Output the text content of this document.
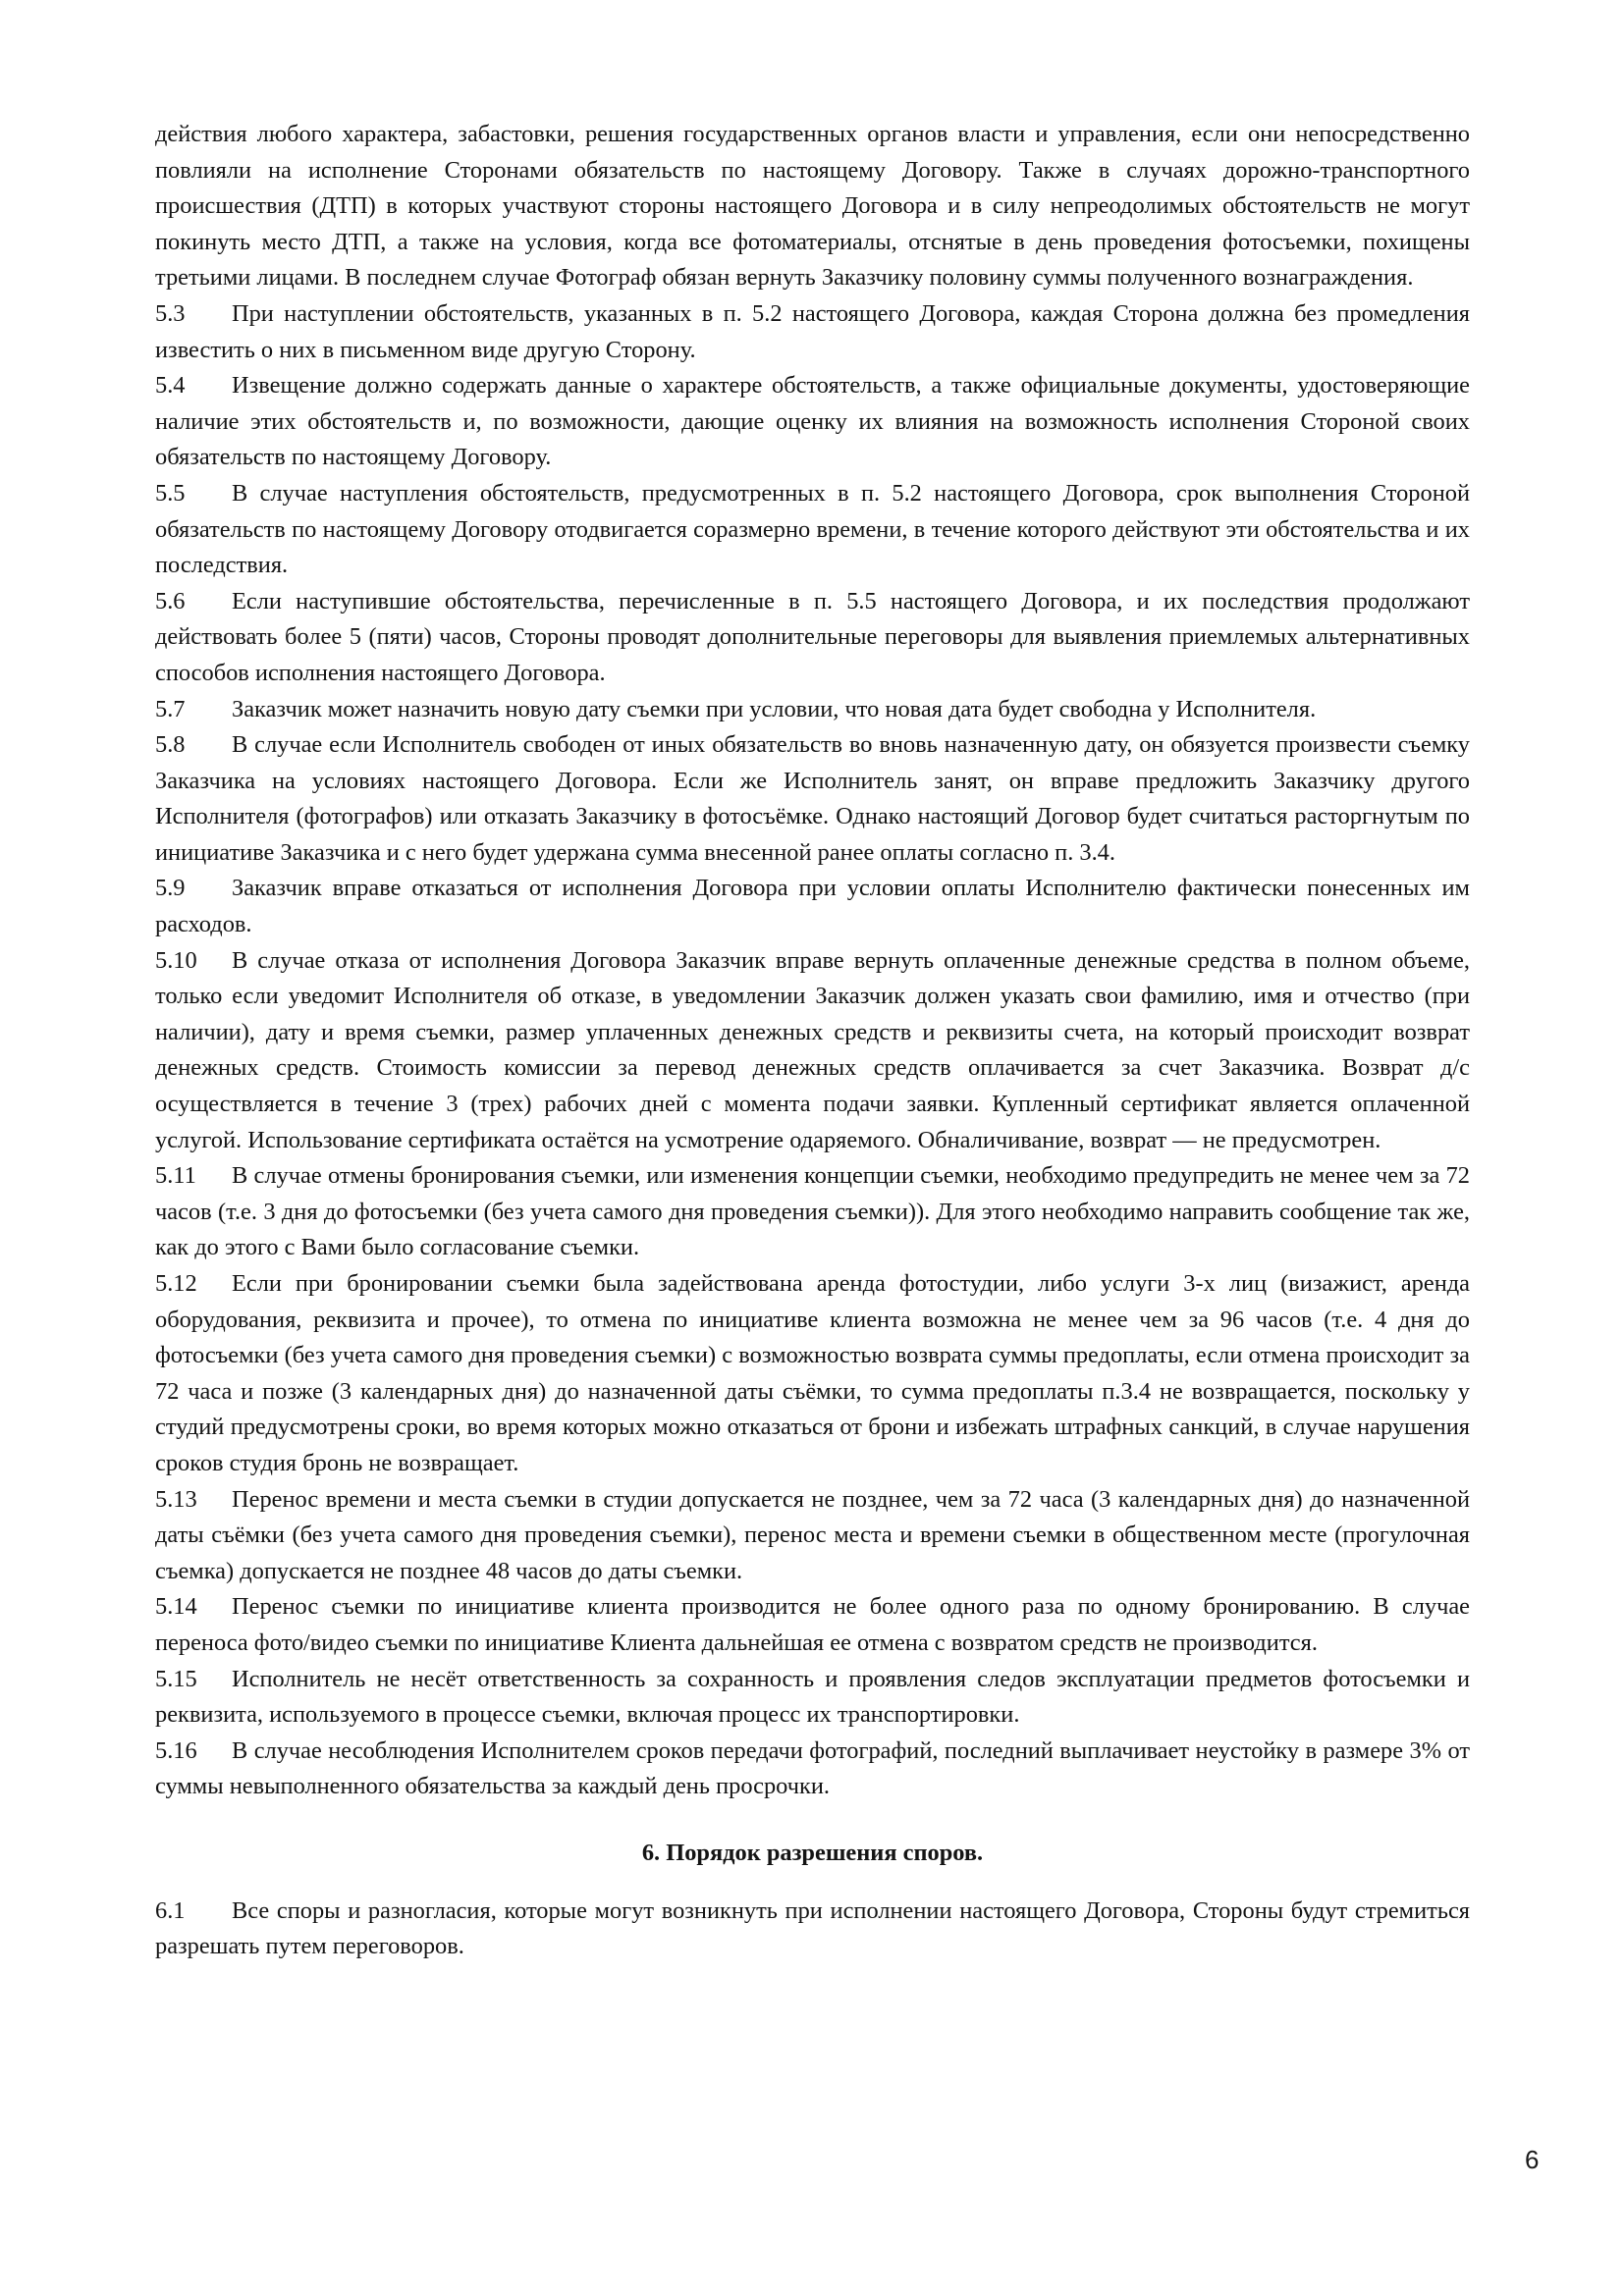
действия любого характера, забастовки, решения государственных органов власти и управления, если они непосредственно повлияли на исполнение Сторонами обязательств по настоящему Договору. Также в случаях дорожно-транспортного происшествия (ДТП) в которых участвуют стороны настоящего Договора и в силу непреодолимых обстоятельств не могут покинуть место ДТП, а также на условия, когда все фотоматериалы, отснятые в день проведения фотосъемки, похищены третьими лицами. В последнем случае Фотограф обязан вернуть Заказчику половину суммы полученного вознаграждения.

5.3 При наступлении обстоятельств, указанных в п. 5.2 настоящего Договора, каждая Сторона должна без промедления известить о них в письменном виде другую Сторону.

5.4 Извещение должно содержать данные о характере обстоятельств, а также официальные документы, удостоверяющие наличие этих обстоятельств и, по возможности, дающие оценку их влияния на возможность исполнения Стороной своих обязательств по настоящему Договору.

5.5 В случае наступления обстоятельств, предусмотренных в п. 5.2 настоящего Договора, срок выполнения Стороной обязательств по настоящему Договору отодвигается соразмерно времени, в течение которого действуют эти обстоятельства и их последствия.

5.6 Если наступившие обстоятельства, перечисленные в п. 5.5 настоящего Договора, и их последствия продолжают действовать более 5 (пяти) часов, Стороны проводят дополнительные переговоры для выявления приемлемых альтернативных способов исполнения настоящего Договора.

5.7 Заказчик может назначить новую дату съемки при условии, что новая дата будет свободна у Исполнителя.

5.8 В случае если Исполнитель свободен от иных обязательств во вновь назначенную дату, он обязуется произвести съемку Заказчика на условиях настоящего Договора. Если же Исполнитель занят, он вправе предложить Заказчику другого Исполнителя (фотографов) или отказать Заказчику в фотосъёмке. Однако настоящий Договор будет считаться расторгнутым по инициативе Заказчика и с него будет удержана сумма внесенной ранее оплаты согласно п. 3.4.

5.9 Заказчик вправе отказаться от исполнения Договора при условии оплаты Исполнителю фактически понесенных им расходов.

5.10 В случае отказа от исполнения Договора Заказчик вправе вернуть оплаченные денежные средства в полном объеме, только если уведомит Исполнителя об отказе, в уведомлении Заказчик должен указать свои фамилию, имя и отчество (при наличии), дату и время съемки, размер уплаченных денежных средств и реквизиты счета, на который происходит возврат денежных средств. Стоимость комиссии за перевод денежных средств оплачивается за счет Заказчика. Возврат д/с осуществляется в течение 3 (трех) рабочих дней с момента подачи заявки. Купленный сертификат является оплаченной услугой. Использование сертификата остаётся на усмотрение одаряемого. Обналичивание, возврат — не предусмотрен.

5.11 В случае отмены бронирования съемки, или изменения концепции съемки, необходимо предупредить не менее чем за 72 часов (т.е. 3 дня до фотосъемки (без учета самого дня проведения съемки)). Для этого необходимо направить сообщение так же, как до этого с Вами было согласование съемки.

5.12 Если при бронировании съемки была задействована аренда фотостудии, либо услуги 3-х лиц (визажист, аренда оборудования, реквизита и прочее), то отмена по инициативе клиента возможна не менее чем за 96 часов (т.е. 4 дня до фотосъемки (без учета самого дня проведения съемки) с возможностью возврата суммы предоплаты, если отмена происходит за 72 часа и позже (3 календарных дня) до назначенной даты съёмки, то сумма предоплаты п.3.4 не возвращается, поскольку у студий предусмотрены сроки, во время которых можно отказаться от брони и избежать штрафных санкций, в случае нарушения сроков студия бронь не возвращает.

5.13 Перенос времени и места съемки в студии допускается не позднее, чем за 72 часа (3 календарных дня) до назначенной даты съёмки (без учета самого дня проведения съемки), перенос места и времени съемки в общественном месте (прогулочная съемка) допускается не позднее 48 часов до даты съемки.

5.14 Перенос съемки по инициативе клиента производится не более одного раза по одному бронированию. В случае переноса фото/видео съемки по инициативе Клиента дальнейшая ее отмена с возвратом средств не производится.

5.15 Исполнитель не несёт ответственность за сохранность и проявления следов эксплуатации предметов фотосъемки и реквизита, используемого в процессе съемки, включая процесс их транспортировки.

5.16 В случае несоблюдения Исполнителем сроков передачи фотографий, последний выплачивает неустойку в размере 3% от суммы невыполненного обязательства за каждый день просрочки.

6. Порядок разрешения споров.

6.1 Все споры и разногласия, которые могут возникнуть при исполнении настоящего Договора, Стороны будут стремиться разрешать путем переговоров.

6
